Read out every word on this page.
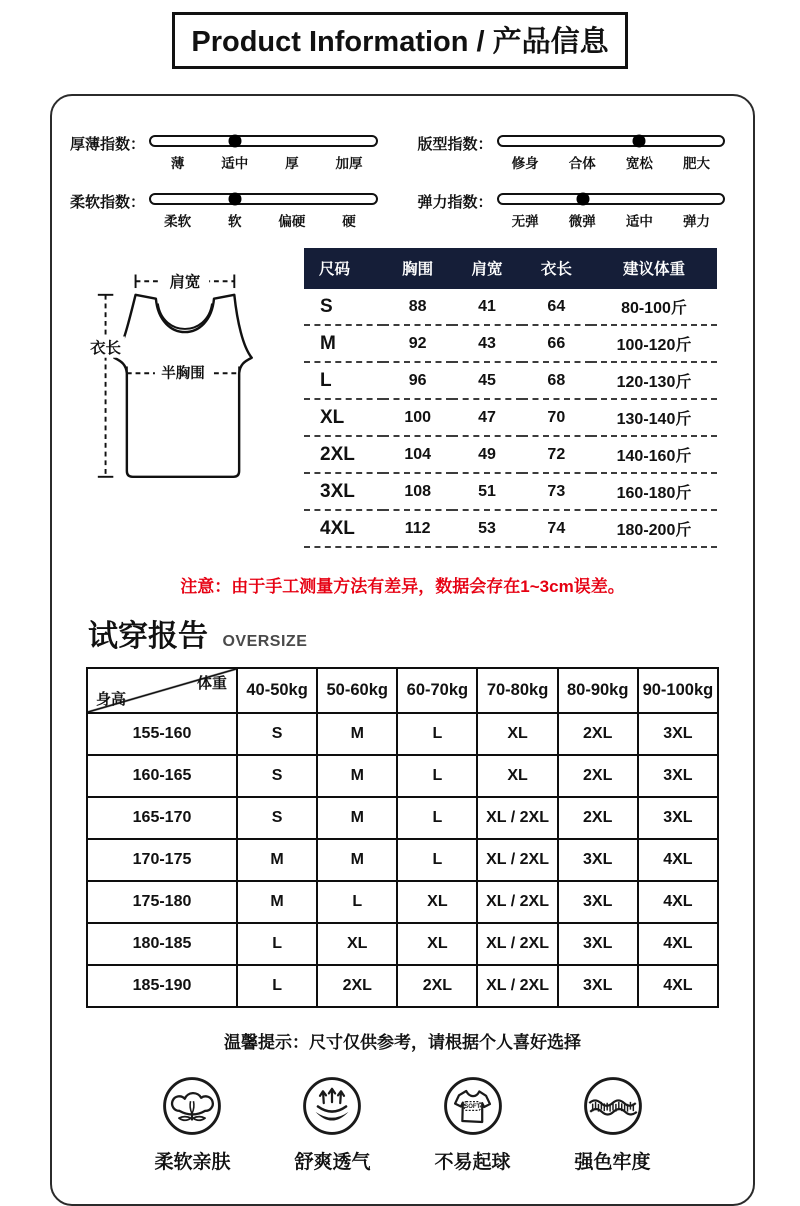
Product Information / 产品信息
厚薄指数：
薄	适中	厚	加厚
版型指数：
修身	合体	宽松	肥大
柔软指数：
柔软	软	偏硬	硬
弹力指数：
无弹	微弹	适中	弹力
肩宽
衣长
半胸围
尺码	胸围	肩宽	衣长	建议体重
S	88	41	64	80-100斤
M	92	43	66	100-120斤
L	96	45	68	120-130斤
XL	100	47	70	130-140斤
2XL	104	49	72	140-160斤
3XL	108	51	73	160-180斤
4XL	112	53	74	180-200斤
注意：由于手工测量方法有差异，数据会存在1~3cm误差。
试穿报告 OVERSIZE
体重
身高	40-50kg	50-60kg	60-70kg	70-80kg	80-90kg	90-100kg
155-160	S	M	L	XL	2XL	3XL
160-165	S	M	L	XL	2XL	3XL
165-170	S	M	L	XL / 2XL	2XL	3XL
170-175	M	M	L	XL / 2XL	3XL	4XL
175-180	M	L	XL	XL / 2XL	3XL	4XL
180-185	L	XL	XL	XL / 2XL	3XL	4XL
185-190	L	2XL	2XL	XL / 2XL	3XL	4XL
温馨提示：尺寸仅供参考，请根据个人喜好选择
柔软亲肤	舒爽透气
SOFT
不易起球	强色牢度
